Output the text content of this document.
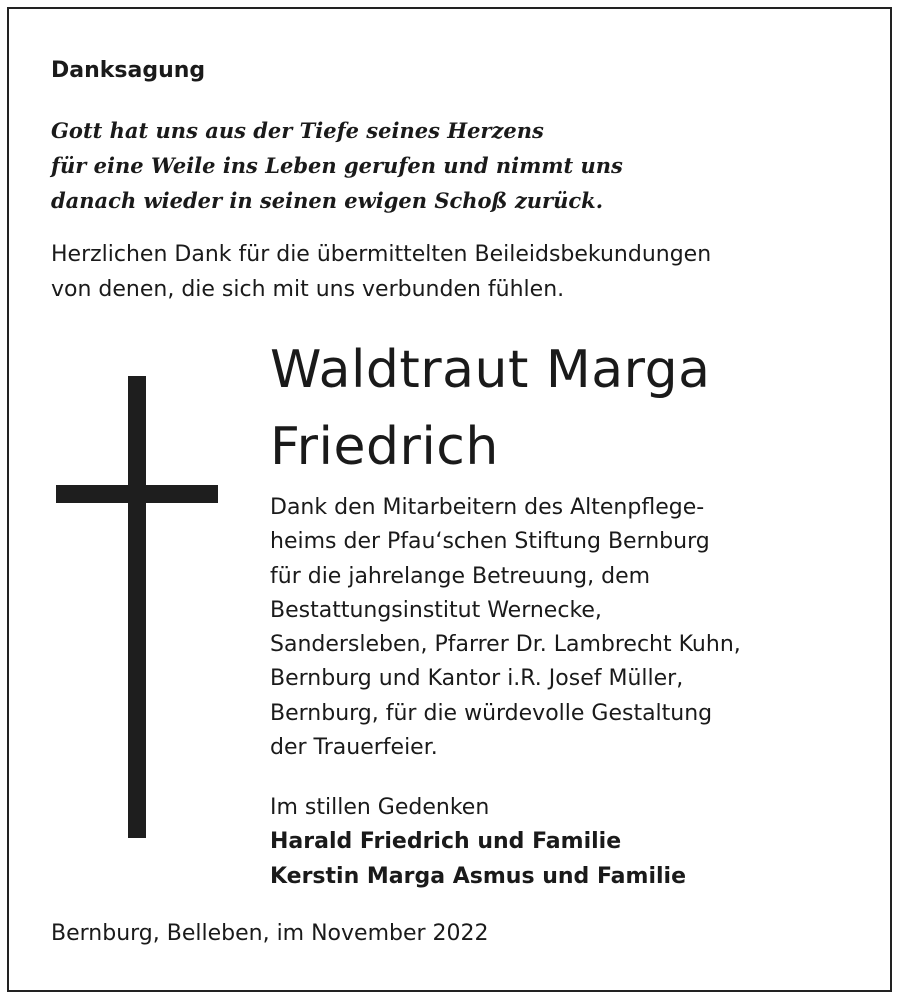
Danksagung
Gott hat uns aus der Tiefe seines Herzens
für eine Weile ins Leben gerufen und nimmt uns
danach wieder in seinen ewigen Schoß zurück.
Herzlichen Dank für die übermittelten Beileidsbekundungen
von denen, die sich mit uns verbunden fühlen.
Waldtraut Marga
Friedrich
Dank den Mitarbeitern des Altenpflege-
heims der Pfau‘schen Stiftung Bernburg
für die jahrelange Betreuung, dem
Bestattungsinstitut Wernecke,
Sandersleben, Pfarrer Dr. Lambrecht Kuhn,
Bernburg und Kantor i.R. Josef Müller,
Bernburg, für die würdevolle Gestaltung
der Trauerfeier.
Im stillen Gedenken
Harald Friedrich und Familie
Kerstin Marga Asmus und Familie
Bernburg, Belleben, im November 2022
